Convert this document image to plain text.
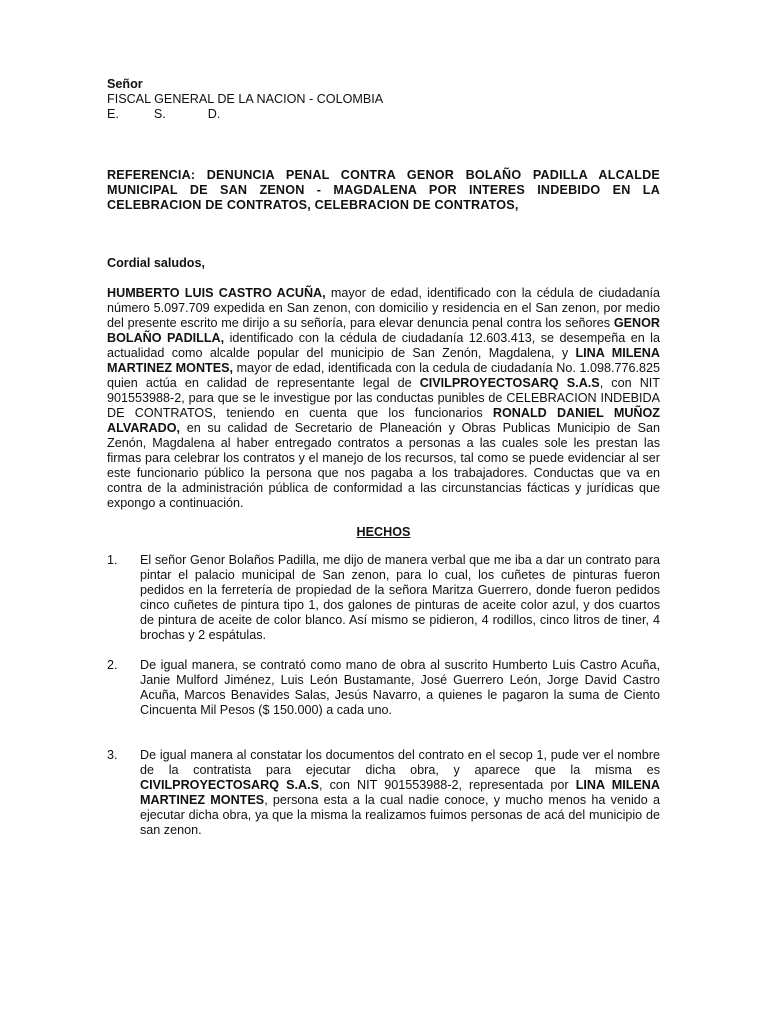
Señor
FISCAL GENERAL DE LA NACION - COLOMBIA
E.          S.            D.
REFERENCIA: DENUNCIA PENAL CONTRA GENOR BOLAÑO PADILLA ALCALDE MUNICIPAL DE SAN ZENON - MAGDALENA POR INTERES INDEBIDO EN LA CELEBRACION DE CONTRATOS, CELEBRACION DE CONTRATOS,
Cordial saludos,
HUMBERTO LUIS CASTRO ACUÑA, mayor de edad, identificado con la cédula de ciudadanía número 5.097.709 expedida en San zenon, con domicilio y residencia en el San zenon, por medio del presente escrito me dirijo a su señoría, para elevar denuncia penal contra los señores GENOR BOLAÑO PADILLA, identificado con la cédula de ciudadanía 12.603.413, se desempeña en la actualidad como alcalde popular del municipio de San Zenón, Magdalena, y LINA MILENA MARTINEZ MONTES, mayor de edad, identificada con la cedula de ciudadanía No. 1.098.776.825 quien actúa en calidad de representante legal de CIVILPROYECTOSARQ S.A.S, con NIT 901553988-2, para que se le investigue por las conductas punibles de CELEBRACION INDEBIDA DE CONTRATOS, teniendo en cuenta que los funcionarios RONALD DANIEL MUÑOZ ALVARADO, en su calidad de Secretario de Planeación y Obras Publicas Municipio de San Zenón, Magdalena al haber entregado contratos a personas a las cuales sole les prestan las firmas para celebrar los contratos y el manejo de los recursos, tal como se puede evidenciar al ser este funcionario público la persona que nos pagaba a los trabajadores. Conductas que va en contra de la administración pública de conformidad a las circunstancias fácticas y jurídicas que expongo a continuación.
HECHOS
1.	El señor Genor Bolaños Padilla, me dijo de manera verbal que me iba a dar un contrato para pintar el palacio municipal de San zenon, para lo cual, los cuñetes de pinturas fueron pedidos en la ferretería de propiedad de la señora Maritza Guerrero, donde fueron pedidos cinco cuñetes de pintura tipo 1, dos galones de pinturas de aceite color azul, y dos cuartos de pintura de aceite de color blanco. Así mismo se pidieron, 4 rodillos, cinco litros de tiner, 4 brochas y 2 espátulas.
2.	De igual manera, se contrató como mano de obra al suscrito Humberto Luis Castro Acuña, Janie Mulford Jiménez, Luis León Bustamante, José Guerrero León, Jorge David Castro Acuña, Marcos Benavides Salas, Jesús Navarro, a quienes le pagaron la suma de Ciento Cincuenta Mil Pesos ($ 150.000) a cada uno.
3.	De igual manera al constatar los documentos del contrato en el secop 1, pude ver el nombre de la contratista para ejecutar dicha obra, y aparece que la misma es CIVILPROYECTOSARQ S.A.S, con NIT 901553988-2, representada por LINA MILENA MARTINEZ MONTES, persona esta a la cual nadie conoce, y mucho menos ha venido a ejecutar dicha obra, ya que la misma la realizamos fuimos personas de acá del municipio de san zenon.
